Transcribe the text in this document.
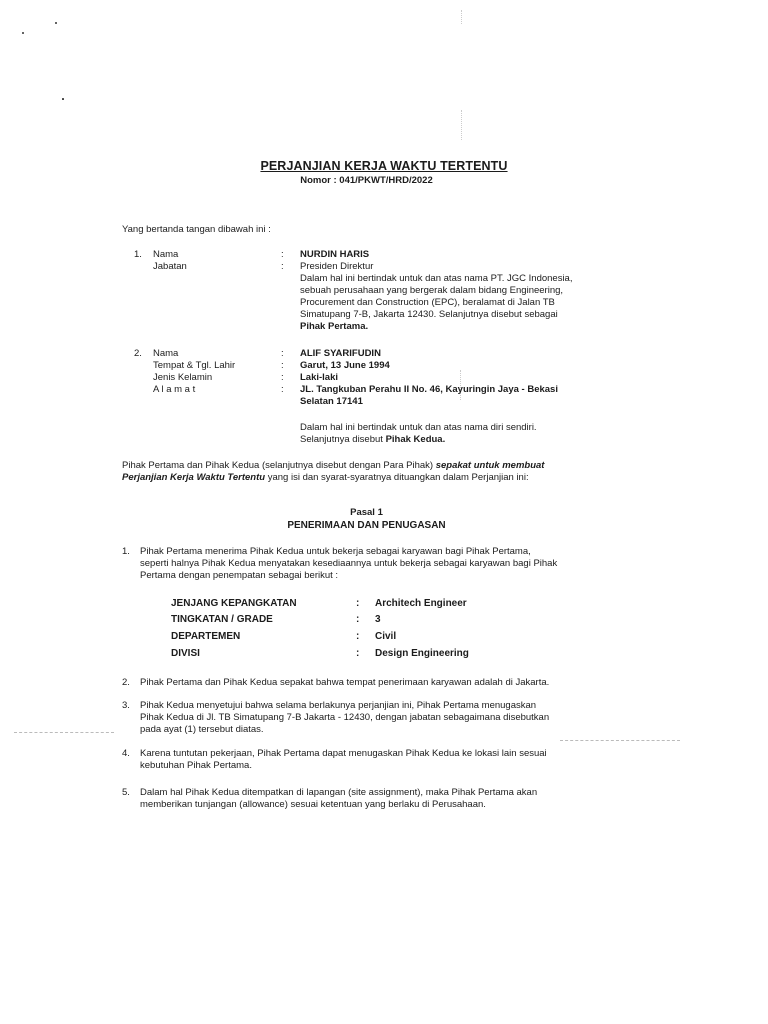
PERJANJIAN KERJA WAKTU TERTENTU
Nomor : 041/PKWT/HRD/2022
Yang bertanda tangan dibawah ini :
1. Nama	: NURDIN HARIS
Jabatan	: Presiden Direktur
Dalam hal ini bertindak untuk dan atas nama PT. JGC Indonesia,
sebuah perusahaan yang bergerak dalam bidang Engineering,
Procurement dan Construction (EPC), beralamat di Jalan TB
Simatupang 7-B, Jakarta 12430. Selanjutnya disebut sebagai
Pihak Pertama.
2. Nama	: ALIF SYARIFUDIN
Tempat & Tgl. Lahir	: Garut, 13 June 1994
Jenis Kelamin	: Laki-laki
A l a m a t	: JL. Tangkuban Perahu II No. 46, Kayuringin Jaya - Bekasi
Selatan 17141
Dalam hal ini bertindak untuk dan atas nama diri sendiri.
Selanjutnya disebut Pihak Kedua.
Pihak Pertama dan Pihak Kedua (selanjutnya disebut dengan Para Pihak) sepakat untuk membuat
Perjanjian Kerja Waktu Tertentu yang isi dan syarat-syaratnya dituangkan dalam Perjanjian ini:
Pasal 1
PENERIMAAN DAN PENUGASAN
1. Pihak Pertama menerima Pihak Kedua untuk bekerja sebagai karyawan bagi Pihak Pertama,
seperti halnya Pihak Kedua menyatakan kesediaannya untuk bekerja sebagai karyawan bagi Pihak
Pertama dengan penempatan sebagai berikut :
JENJANG KEPANGKATAN	: Architech Engineer
TINGKATAN / GRADE	: 3
DEPARTEMEN	: Civil
DIVISI	: Design Engineering
2. Pihak Pertama dan Pihak Kedua sepakat bahwa tempat penerimaan karyawan adalah di Jakarta.
3. Pihak Kedua menyetujui bahwa selama berlakunya perjanjian ini, Pihak Pertama menugaskan
Pihak Kedua di Jl. TB Simatupang 7-B Jakarta - 12430, dengan jabatan sebagaimana disebutkan
pada ayat (1) tersebut diatas.
4. Karena tuntutan pekerjaan, Pihak Pertama dapat menugaskan Pihak Kedua ke lokasi lain sesuai
kebutuhan Pihak Pertama.
5. Dalam hal Pihak Kedua ditempatkan di lapangan (site assignment), maka Pihak Pertama akan
memberikan tunjangan (allowance) sesuai ketentuan yang berlaku di Perusahaan.
